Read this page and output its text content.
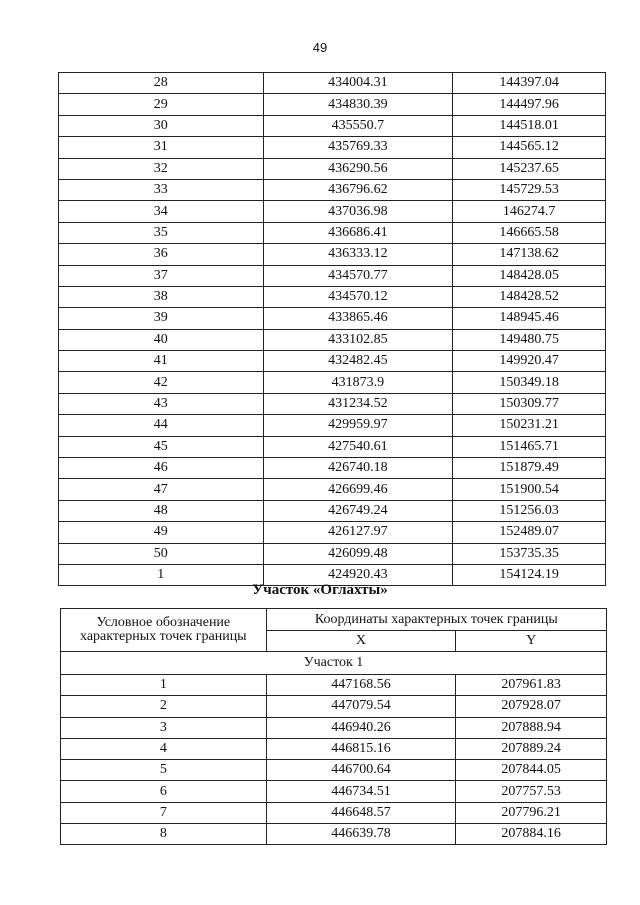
49
28	434004.31	144397.04
29	434830.39	144497.96
30	435550.7	144518.01
31	435769.33	144565.12
32	436290.56	145237.65
33	436796.62	145729.53
34	437036.98	146274.7
35	436686.41	146665.58
36	436333.12	147138.62
37	434570.77	148428.05
38	434570.12	148428.52
39	433865.46	148945.46
40	433102.85	149480.75
41	432482.45	149920.47
42	431873.9	150349.18
43	431234.52	150309.77
44	429959.97	150231.21
45	427540.61	151465.71
46	426740.18	151879.49
47	426699.46	151900.54
48	426749.24	151256.03
49	426127.97	152489.07
50	426099.48	153735.35
1	424920.43	154124.19
Участок «Оглахты»
Условное обозначение характерных точек границы	Координаты характерных точек границы	
	X	Y
Участок 1		
1	447168.56	207961.83
2	447079.54	207928.07
3	446940.26	207888.94
4	446815.16	207889.24
5	446700.64	207844.05
6	446734.51	207757.53
7	446648.57	207796.21
8	446639.78	207884.16
